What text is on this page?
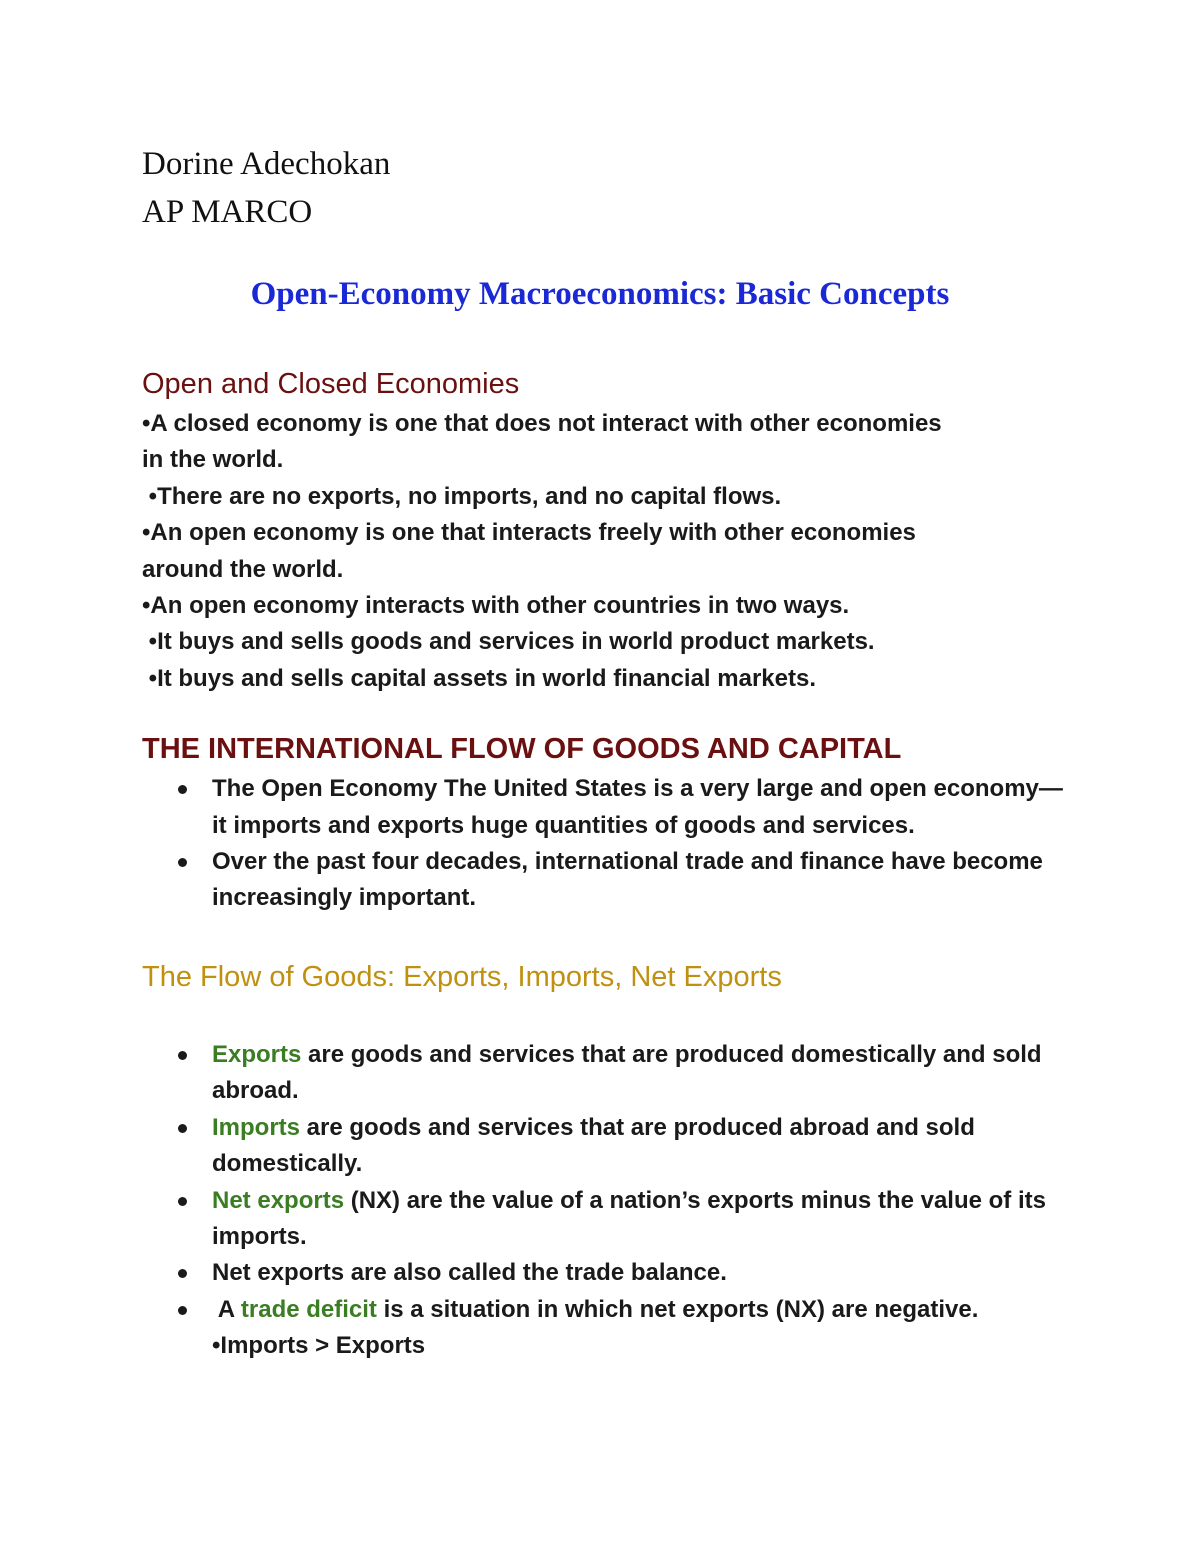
Dorine Adechokan
AP MARCO
Open-Economy Macroeconomics: Basic Concepts
Open and Closed Economies
•A closed economy is one that does not interact with other economies
in the world.
•There are no exports, no imports, and no capital flows.
•An open economy is one that interacts freely with other economies
around the world.
•An open economy interacts with other countries in two ways.
•It buys and sells goods and services in world product markets.
•It buys and sells capital assets in world financial markets.
THE INTERNATIONAL FLOW OF GOODS AND CAPITAL
The Open Economy The United States is a very large and open economy—it imports and exports huge quantities of goods and services.
Over the past four decades, international trade and finance have become increasingly important.
The Flow of Goods: Exports, Imports, Net Exports
Exports are goods and services that are produced domestically and sold abroad.
Imports are goods and services that are produced abroad and sold domestically.
Net exports (NX) are the value of a nation’s exports minus the value of its imports.
Net exports are also called the trade balance.
A trade deficit is a situation in which net exports (NX) are negative. •Imports > Exports
